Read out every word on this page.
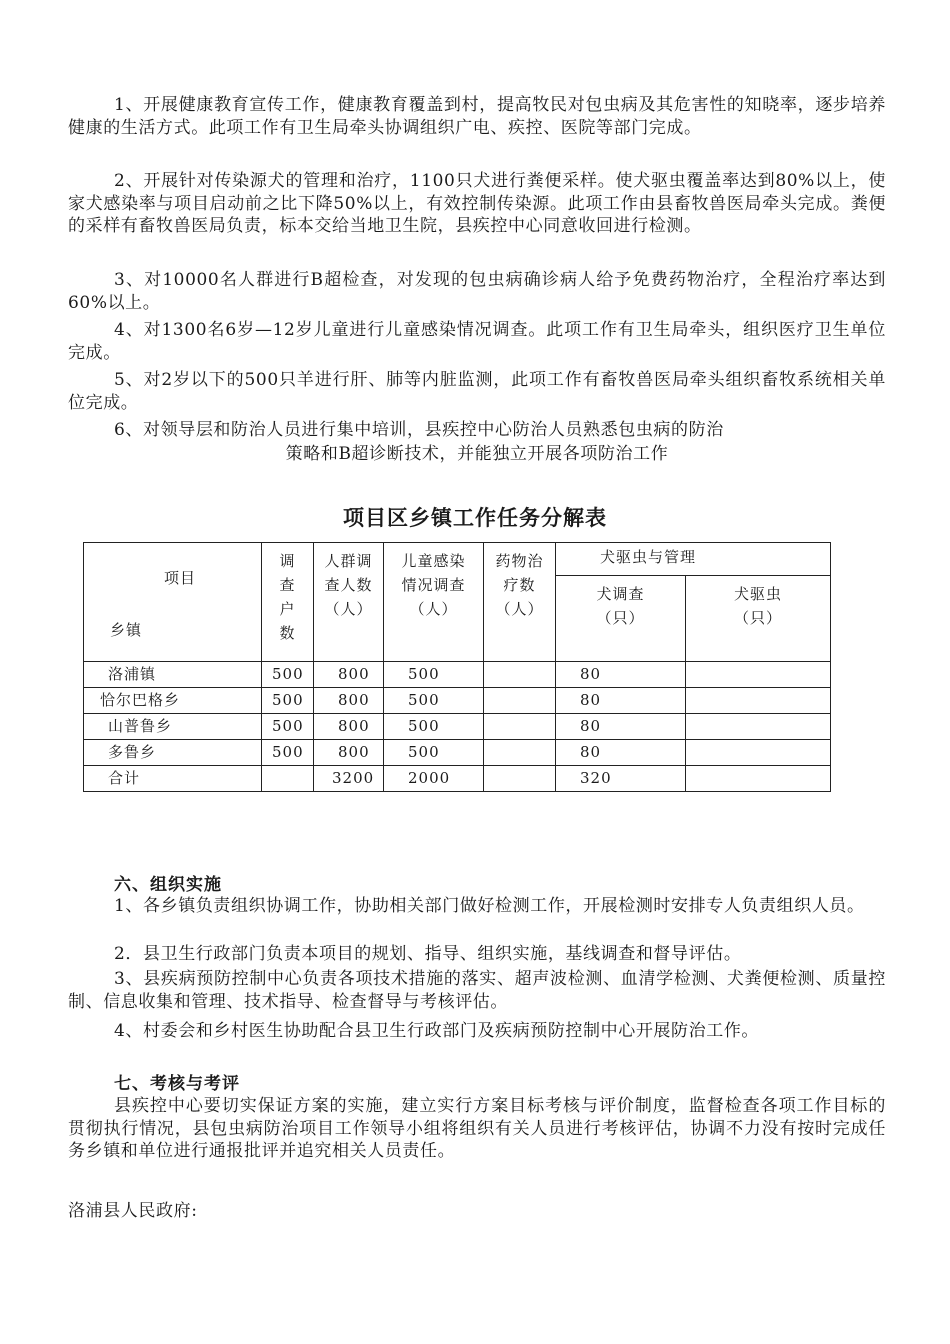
1、开展健康教育宣传工作，健康教育覆盖到村，提高牧民对包虫病及其危害性的知晓率，逐步培养健康的生活方式。此项工作有卫生局牵头协调组织广电、疾控、医院等部门完成。

2、开展针对传染源犬的管理和治疗，1100只犬进行粪便采样。使犬驱虫覆盖率达到80%以上，使家犬感染率与项目启动前之比下降50%以上，有效控制传染源。此项工作由县畜牧兽医局牵头完成。粪便的采样有畜牧兽医局负责，标本交给当地卫生院，县疾控中心同意收回进行检测。

3、对10000名人群进行B超检查，对发现的包虫病确诊病人给予免费药物治疗，全程治疗率达到60%以上。

4、对1300名6岁—12岁儿童进行儿童感染情况调查。此项工作有卫生局牵头，组织医疗卫生单位完成。

5、对2岁以下的500只羊进行肝、肺等内脏监测，此项工作有畜牧兽医局牵头组织畜牧系统相关单位完成。

6、对领导层和防治人员进行集中培训，县疾控中心防治人员熟悉包虫病的防治

策略和B超诊断技术，并能独立开展各项防治工作

项目区乡镇工作任务分解表
项目
乡镇	调查户数	人群调查人数（人）	儿童感染情况调查（人）	药物治疗数（人）	犬驱虫与管理	

					犬调查（只）	犬驱虫（只）

洛浦镇	500	800	500		80	
恰尔巴格乡	500	800	500		80	
山普鲁乡	500	800	500		80	
多鲁乡	500	800	500		80	
合计		3200	2000		320	
六、组织实施

1、各乡镇负责组织协调工作，协助相关部门做好检测工作，开展检测时安排专人负责组织人员。

2．县卫生行政部门负责本项目的规划、指导、组织实施，基线调查和督导评估。

3、县疾病预防控制中心负责各项技术措施的落实、超声波检测、血清学检测、犬粪便检测、质量控制、信息收集和管理、技术指导、检查督导与考核评估。

4、村委会和乡村医生协助配合县卫生行政部门及疾病预防控制中心开展防治工作。

七、考核与考评

县疾控中心要切实保证方案的实施，建立实行方案目标考核与评价制度，监督检查各项工作目标的贯彻执行情况，县包虫病防治项目工作领导小组将组织有关人员进行考核评估，协调不力没有按时完成任务乡镇和单位进行通报批评并追究相关人员责任。

洛浦县人民政府:
